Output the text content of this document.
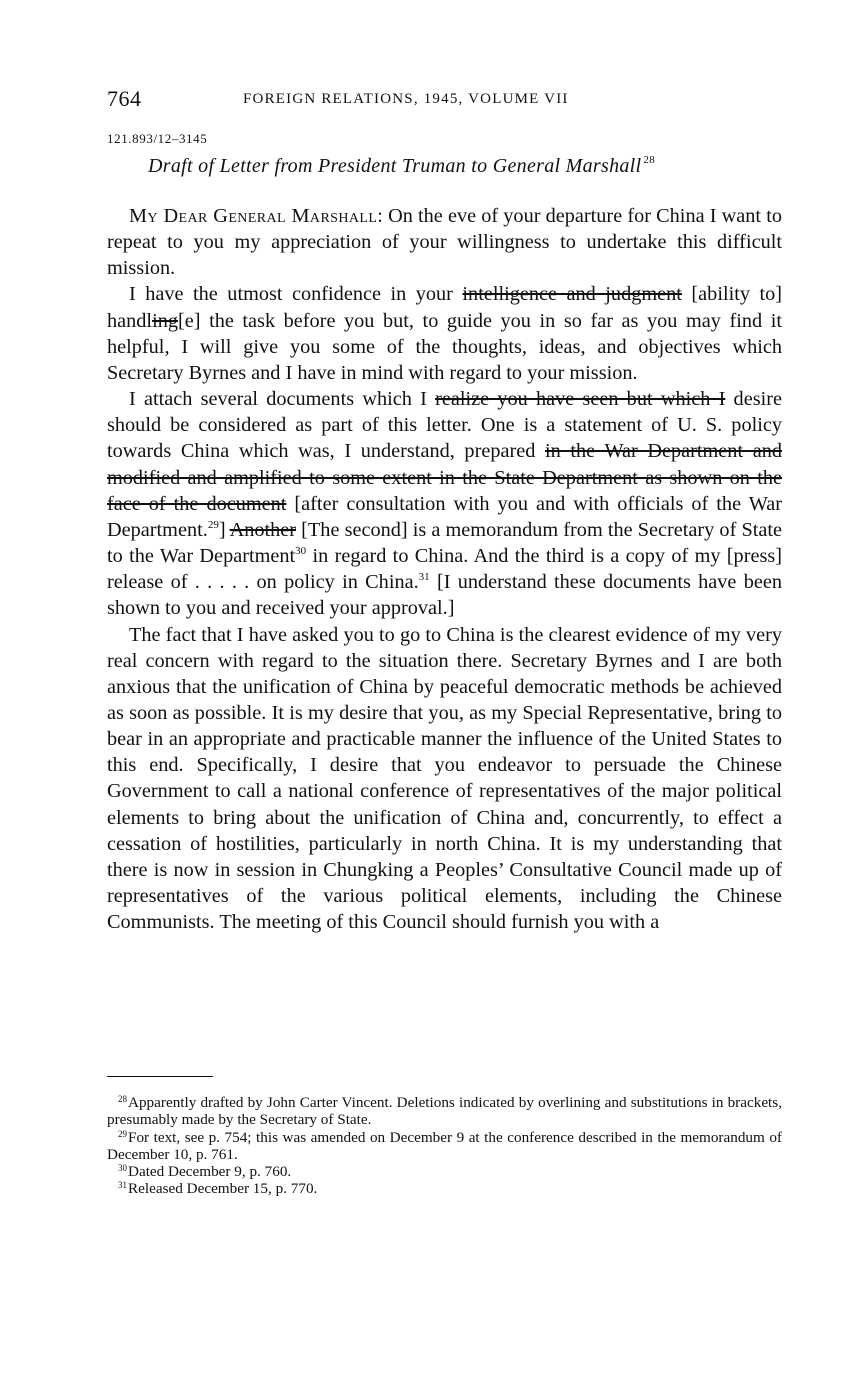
764	FOREIGN RELATIONS, 1945, VOLUME VII
121.893/12–3145
Draft of Letter from President Truman to General Marshall $^{28}$

My Dear General Marshall: On the eve of your departure for China I want to repeat to you my appreciation of your willingness to undertake this difficult mission.

I have the utmost confidence in your intelligence and judgment [ability to] handling[e] the task before you but, to guide you in so far as you may find it helpful, I will give you some of the thoughts, ideas, and objectives which Secretary Byrnes and I have in mind with regard to your mission.

I attach several documents which I realize you have seen but which I desire should be considered as part of this letter. One is a statement of U. S. policy towards China which was, I understand, prepared in the War Department and modified and amplified to some extent in the State Department as shown on the face of the document [after consultation with you and with officials of the War Department.$^{29}$] Another [The second] is a memorandum from the Secretary of State to the War Department$^{30}$ in regard to China. And the third is a copy of my [press] release of . . . . . on policy in China.$^{31}$ [I understand these documents have been shown to you and received your approval.]

The fact that I have asked you to go to China is the clearest evidence of my very real concern with regard to the situation there. Secretary Byrnes and I are both anxious that the unification of China by peaceful democratic methods be achieved as soon as possible. It is my desire that you, as my Special Representative, bring to bear in an appropriate and practicable manner the influence of the United States to this end. Specifically, I desire that you endeavor to persuade the Chinese Government to call a national conference of representatives of the major political elements to bring about the unification of China and, concurrently, to effect a cessation of hostilities, particularly in north China. It is my understanding that there is now in session in Chungking a Peoples’ Consultative Council made up of representatives of the various political elements, including the Chinese Communists. The meeting of this Council should furnish you with a

$^{28}$Apparently drafted by John Carter Vincent. Deletions indicated by overlining and substitutions in brackets, presumably made by the Secretary of State.

$^{29}$For text, see p. 754; this was amended on December 9 at the conference described in the memorandum of December 10, p. 761.

$^{30}$Dated December 9, p. 760.

$^{31}$Released December 15, p. 770.
